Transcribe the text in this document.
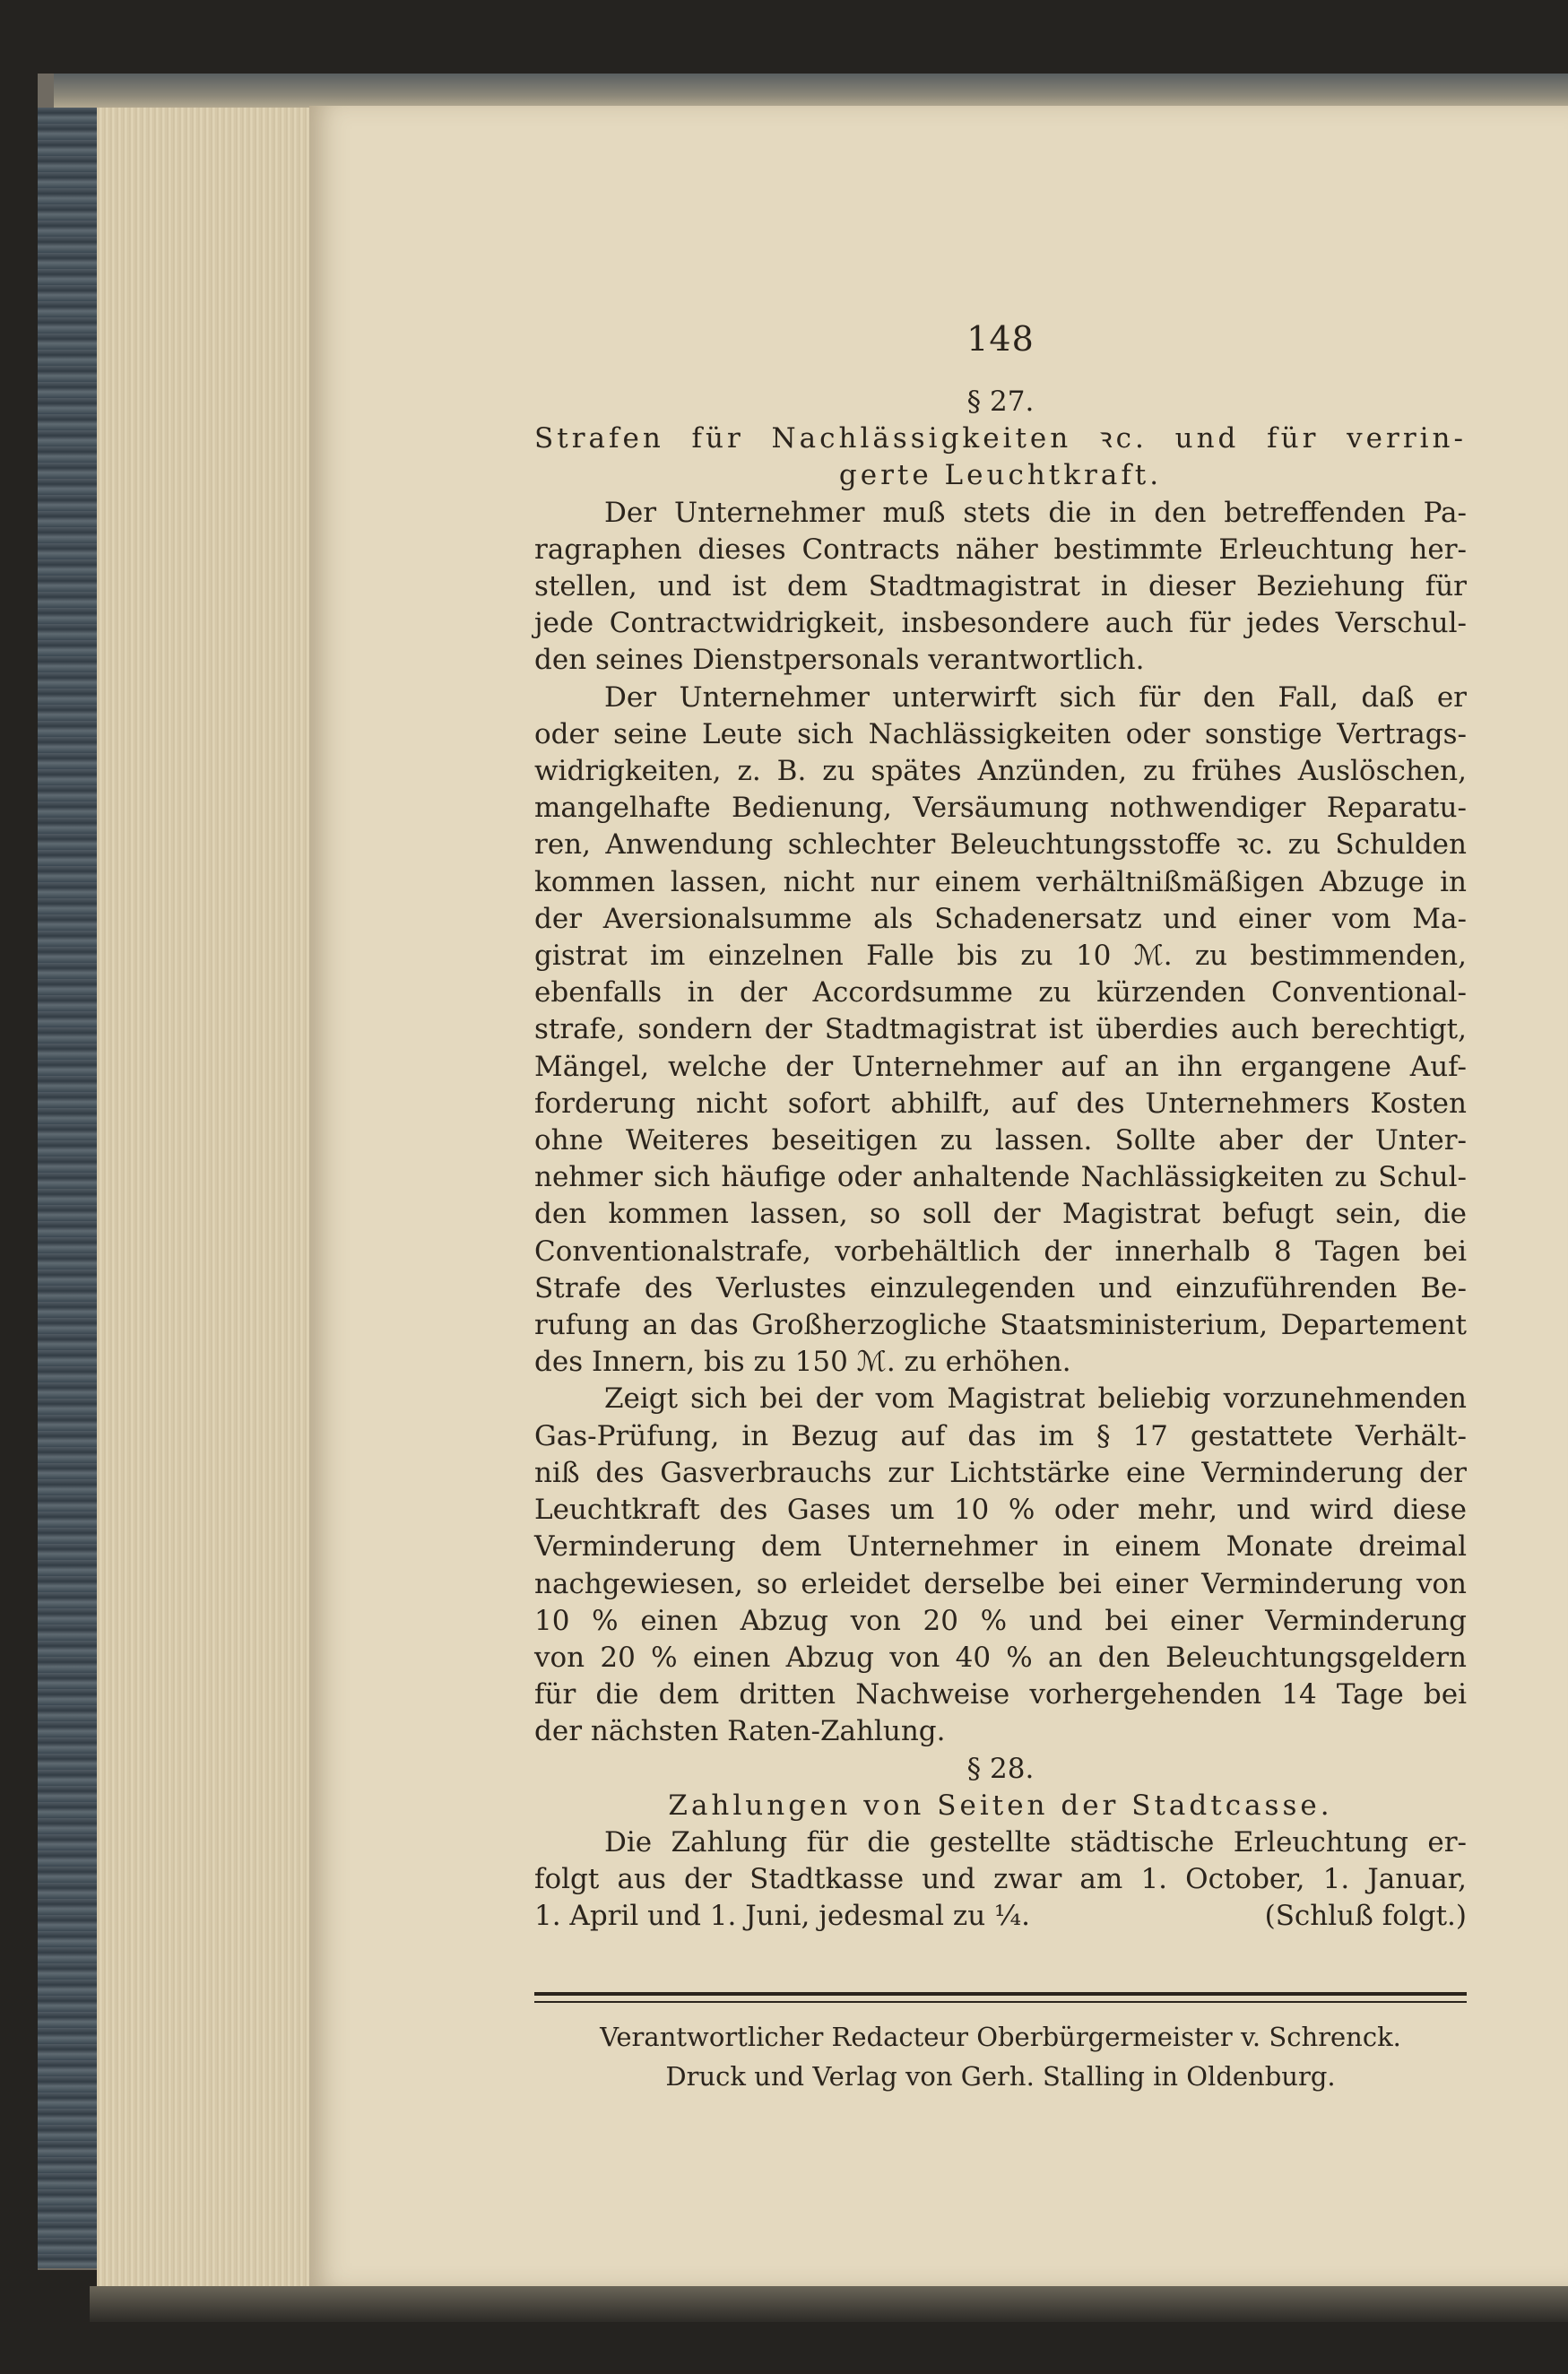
148
§ 27.
Strafen für Nachlässigkeiten ꝛc. und für verrin-
gerte Leuchtkraft.
Der Unternehmer muß stets die in den betreffenden Pa-
ragraphen dieses Contracts näher bestimmte Erleuchtung her-
stellen, und ist dem Stadtmagistrat in dieser Beziehung für
jede Contractwidrigkeit, insbesondere auch für jedes Verschul-
den seines Dienstpersonals verantwortlich.
Der Unternehmer unterwirft sich für den Fall, daß er
oder seine Leute sich Nachlässigkeiten oder sonstige Vertrags-
widrigkeiten, z. B. zu spätes Anzünden, zu frühes Auslöschen,
mangelhafte Bedienung, Versäumung nothwendiger Reparatu-
ren, Anwendung schlechter Beleuchtungsstoffe ꝛc. zu Schulden
kommen lassen, nicht nur einem verhältnißmäßigen Abzuge in
der Aversionalsumme als Schadenersatz und einer vom Ma-
gistrat im einzelnen Falle bis zu 10 ℳ. zu bestimmenden,
ebenfalls in der Accordsumme zu kürzenden Conventional-
strafe, sondern der Stadtmagistrat ist überdies auch berechtigt,
Mängel, welche der Unternehmer auf an ihn ergangene Auf-
forderung nicht sofort abhilft, auf des Unternehmers Kosten
ohne Weiteres beseitigen zu lassen. Sollte aber der Unter-
nehmer sich häufige oder anhaltende Nachlässigkeiten zu Schul-
den kommen lassen, so soll der Magistrat befugt sein, die
Conventionalstrafe, vorbehältlich der innerhalb 8 Tagen bei
Strafe des Verlustes einzulegenden und einzuführenden Be-
rufung an das Großherzogliche Staatsministerium, Departement
des Innern, bis zu 150 ℳ. zu erhöhen.
Zeigt sich bei der vom Magistrat beliebig vorzunehmenden
Gas-Prüfung, in Bezug auf das im § 17 gestattete Verhält-
niß des Gasverbrauchs zur Lichtstärke eine Verminderung der
Leuchtkraft des Gases um 10 % oder mehr, und wird diese
Verminderung dem Unternehmer in einem Monate dreimal
nachgewiesen, so erleidet derselbe bei einer Verminderung von
10 % einen Abzug von 20 % und bei einer Verminderung
von 20 % einen Abzug von 40 % an den Beleuchtungsgeldern
für die dem dritten Nachweise vorhergehenden 14 Tage bei
der nächsten Raten-Zahlung.
§ 28.
Zahlungen von Seiten der Stadtcasse.
Die Zahlung für die gestellte städtische Erleuchtung er-
folgt aus der Stadtkasse und zwar am 1. October, 1. Januar,
1. April und 1. Juni, jedesmal zu ¼.	(Schluß folgt.)
Verantwortlicher Redacteur Oberbürgermeister v. Schrenck.
Druck und Verlag von Gerh. Stalling in Oldenburg.
